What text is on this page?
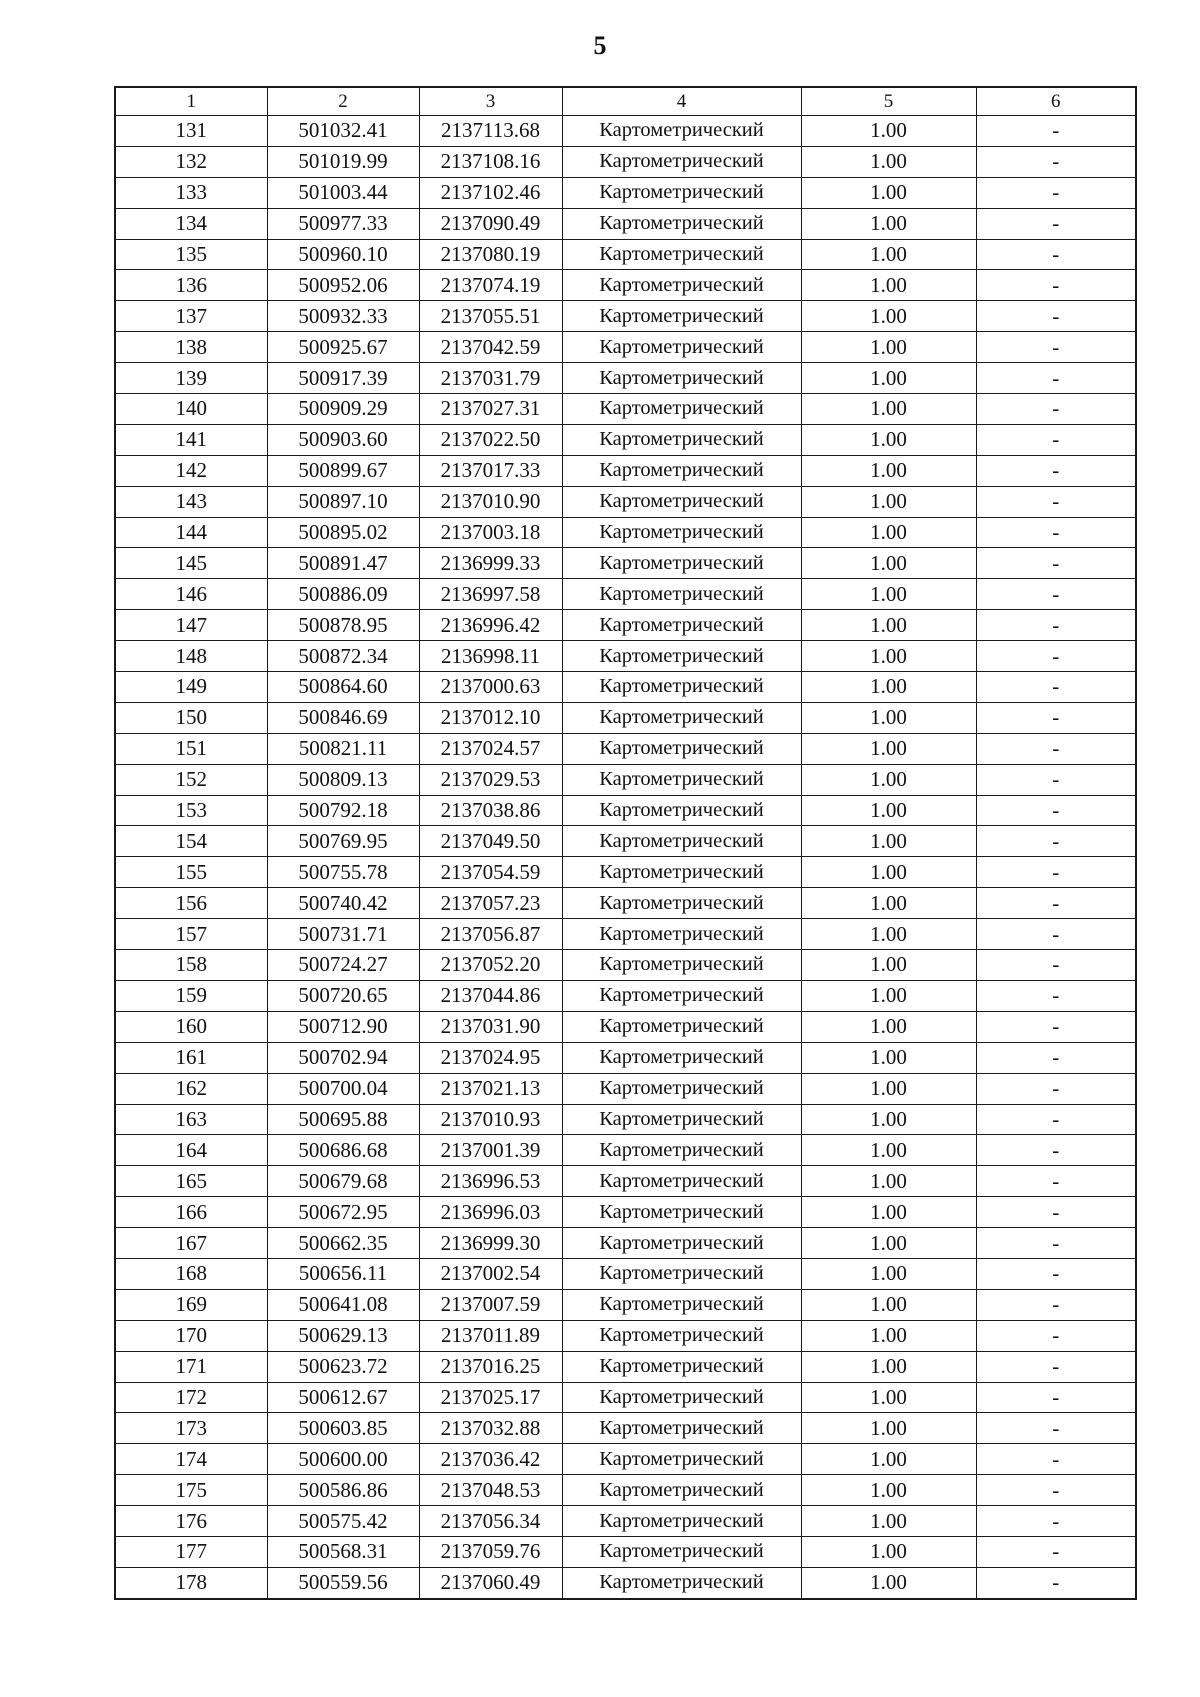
5
1	2	3	4	5	6
131	501032.41	2137113.68	Картометрический	1.00	-
132	501019.99	2137108.16	Картометрический	1.00	-
133	501003.44	2137102.46	Картометрический	1.00	-
134	500977.33	2137090.49	Картометрический	1.00	-
135	500960.10	2137080.19	Картометрический	1.00	-
136	500952.06	2137074.19	Картометрический	1.00	-
137	500932.33	2137055.51	Картометрический	1.00	-
138	500925.67	2137042.59	Картометрический	1.00	-
139	500917.39	2137031.79	Картометрический	1.00	-
140	500909.29	2137027.31	Картометрический	1.00	-
141	500903.60	2137022.50	Картометрический	1.00	-
142	500899.67	2137017.33	Картометрический	1.00	-
143	500897.10	2137010.90	Картометрический	1.00	-
144	500895.02	2137003.18	Картометрический	1.00	-
145	500891.47	2136999.33	Картометрический	1.00	-
146	500886.09	2136997.58	Картометрический	1.00	-
147	500878.95	2136996.42	Картометрический	1.00	-
148	500872.34	2136998.11	Картометрический	1.00	-
149	500864.60	2137000.63	Картометрический	1.00	-
150	500846.69	2137012.10	Картометрический	1.00	-
151	500821.11	2137024.57	Картометрический	1.00	-
152	500809.13	2137029.53	Картометрический	1.00	-
153	500792.18	2137038.86	Картометрический	1.00	-
154	500769.95	2137049.50	Картометрический	1.00	-
155	500755.78	2137054.59	Картометрический	1.00	-
156	500740.42	2137057.23	Картометрический	1.00	-
157	500731.71	2137056.87	Картометрический	1.00	-
158	500724.27	2137052.20	Картометрический	1.00	-
159	500720.65	2137044.86	Картометрический	1.00	-
160	500712.90	2137031.90	Картометрический	1.00	-
161	500702.94	2137024.95	Картометрический	1.00	-
162	500700.04	2137021.13	Картометрический	1.00	-
163	500695.88	2137010.93	Картометрический	1.00	-
164	500686.68	2137001.39	Картометрический	1.00	-
165	500679.68	2136996.53	Картометрический	1.00	-
166	500672.95	2136996.03	Картометрический	1.00	-
167	500662.35	2136999.30	Картометрический	1.00	-
168	500656.11	2137002.54	Картометрический	1.00	-
169	500641.08	2137007.59	Картометрический	1.00	-
170	500629.13	2137011.89	Картометрический	1.00	-
171	500623.72	2137016.25	Картометрический	1.00	-
172	500612.67	2137025.17	Картометрический	1.00	-
173	500603.85	2137032.88	Картометрический	1.00	-
174	500600.00	2137036.42	Картометрический	1.00	-
175	500586.86	2137048.53	Картометрический	1.00	-
176	500575.42	2137056.34	Картометрический	1.00	-
177	500568.31	2137059.76	Картометрический	1.00	-
178	500559.56	2137060.49	Картометрический	1.00	-
